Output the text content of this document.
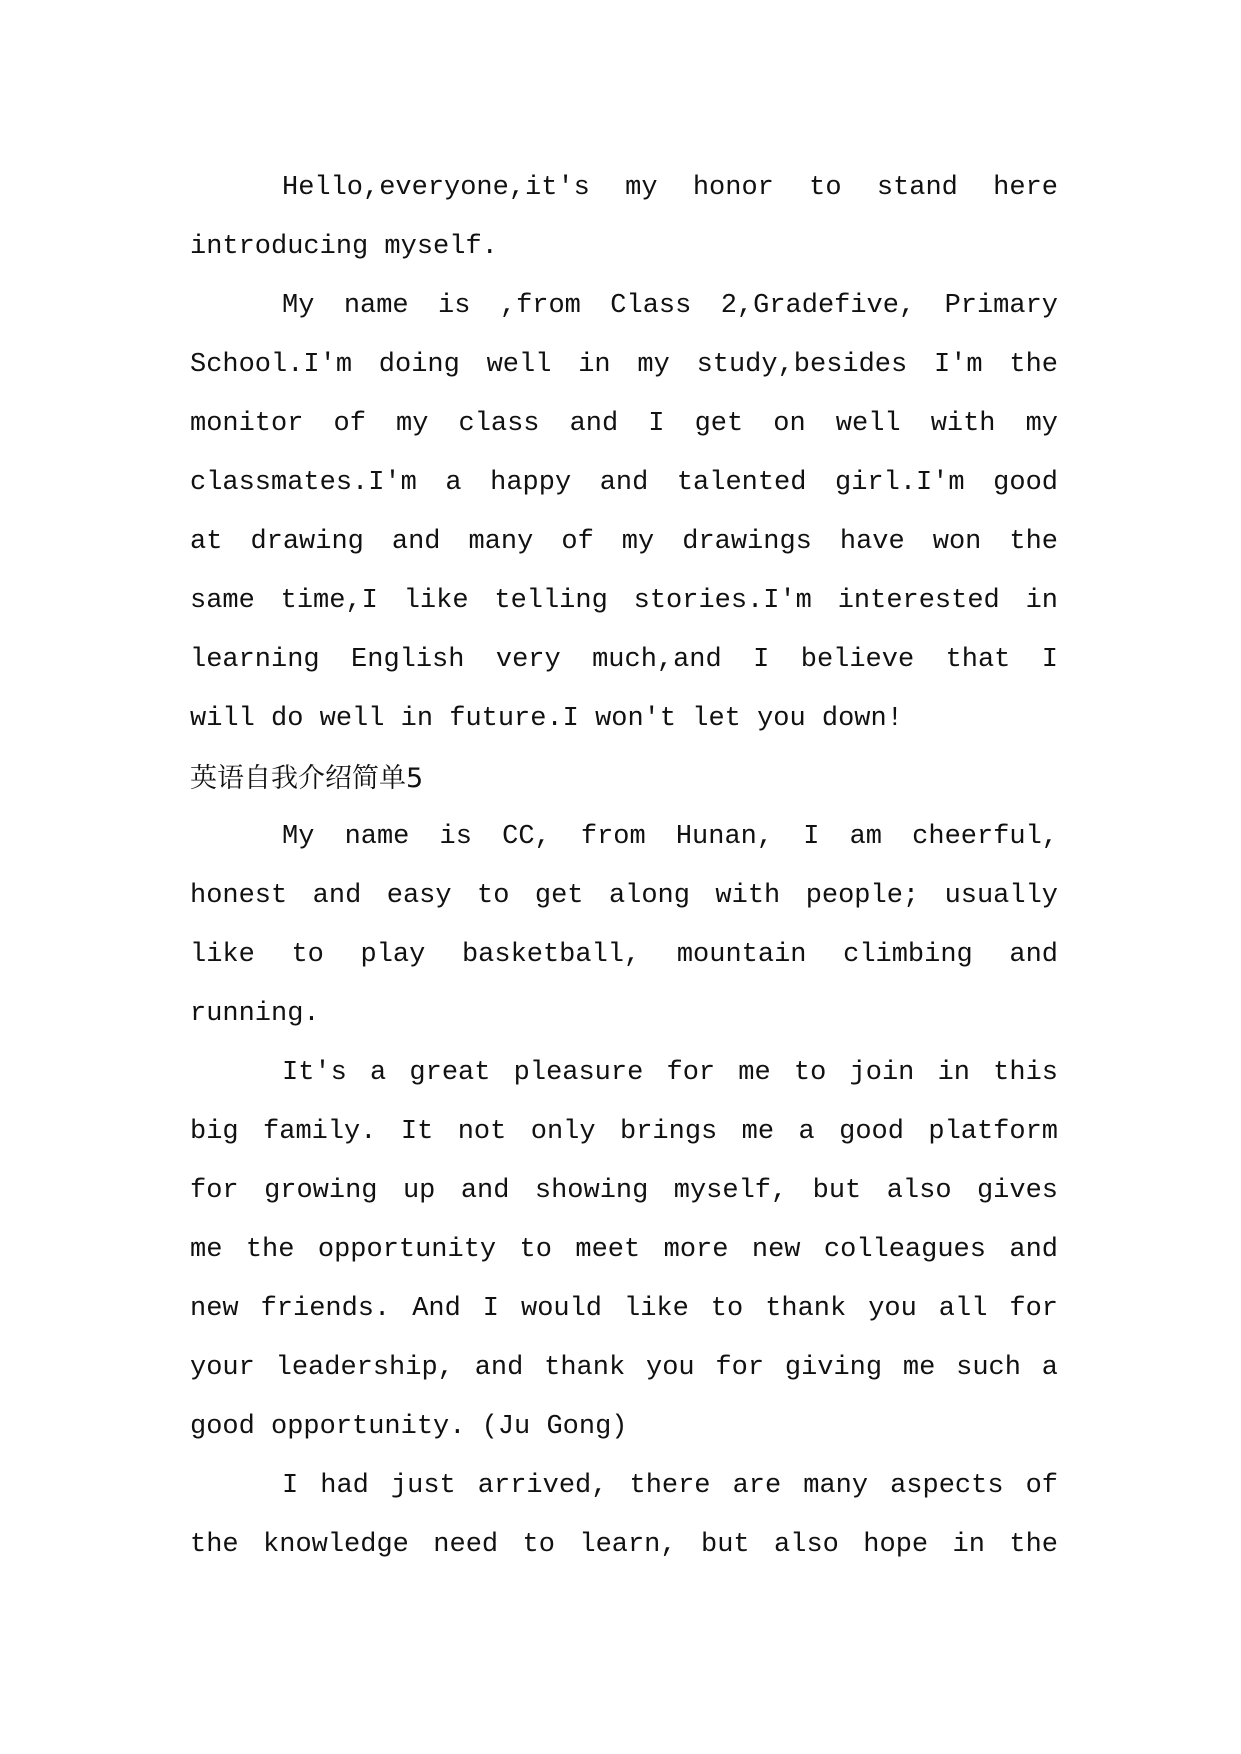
Hello,everyone,it's my honor to stand here
introducing myself.
My name is ,from Class 2,Gradefive, Primary
School.I'm doing well in my study,besides I'm the
monitor of my class and I get on well with my
classmates.I'm a happy and talented girl.I'm good
at drawing and many of my drawings have won the
same time,I like telling stories.I'm interested in
learning English very much,and I believe that I
will do well in future.I won't let you down!
英语自我介绍简单5
My name is CC, from Hunan, I am cheerful,
honest and easy to get along with people; usually
like to play basketball, mountain climbing and
running.
It's a great pleasure for me to join in this
big family. It not only brings me a good platform
for growing up and showing myself, but also gives
me the opportunity to meet more new colleagues and
new friends. And I would like to thank you all for
your leadership, and thank you for giving me such a
good opportunity. (Ju Gong)
I had just arrived, there are many aspects of
the knowledge need to learn, but also hope in the
